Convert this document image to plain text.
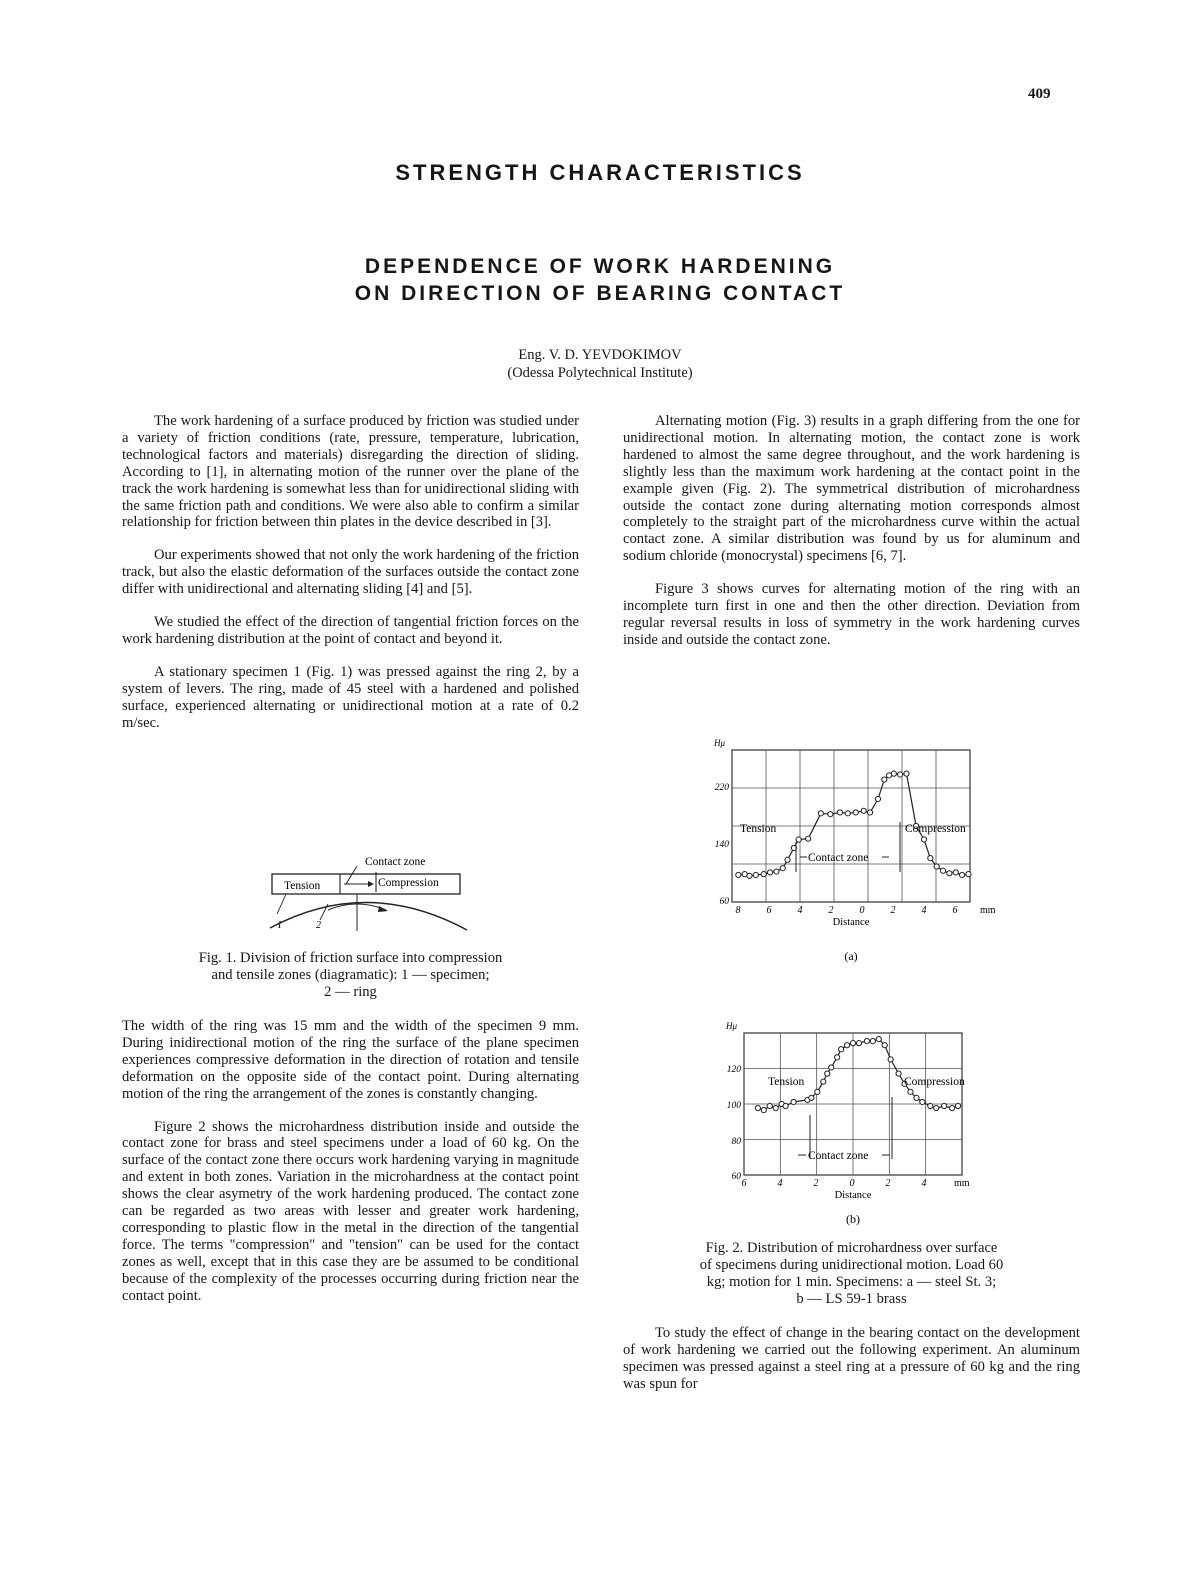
409
STRENGTH CHARACTERISTICS
DEPENDENCE OF WORK HARDENING
ON DIRECTION OF BEARING CONTACT
Eng. V. D. YEVDOKIMOV
(Odessa Polytechnical Institute)

The work hardening of a surface produced by friction was studied under a variety of friction conditions (rate, pressure, temperature, lubrication, technological factors and materials) disregarding the direction of sliding. According to [1], in alternating motion of the runner over the plane of the track the work hardening is somewhat less than for unidirectional sliding with the same friction path and conditions. We were also able to confirm a similar relationship for friction between thin plates in the device described in [3].

Our experiments showed that not only the work hardening of the friction track, but also the elastic deformation of the surfaces outside the contact zone differ with unidirectional and alternating sliding [4] and [5].

We studied the effect of the direction of tangential friction forces on the work hardening distribution at the point of contact and beyond it.

A stationary specimen 1 (Fig. 1) was pressed against the ring 2, by a system of levers. The ring, made of 45 steel with a hardened and polished surface, experienced alternating or unidirectional motion at a rate of 0.2 m/sec.

Contact zone
Tension	Compression
1	2
Fig. 1. Division of friction surface into compression
and tensile zones (diagramatic): 1 — specimen;
2 — ring

The width of the ring was 15 mm and the width of the specimen 9 mm. During inidirectional motion of the ring the surface of the plane specimen experiences compressive deformation in the direction of rotation and tensile deformation on the opposite side of the contact point. During alternating motion of the ring the arrangement of the zones is constantly changing.

Figure 2 shows the microhardness distribution inside and outside the contact zone for brass and steel specimens under a load of 60 kg. On the surface of the contact zone there occurs work hardening varying in magnitude and extent in both zones. Variation in the microhardness at the contact point shows the clear asymetry of the work hardening produced. The contact zone can be regarded as two areas with lesser and greater work hardening, corresponding to plastic flow in the metal in the direction of the tangential force. The terms "compression" and "tension" can be used for the contact zones as well, except that in this case they are be assumed to be conditional because of the complexity of the processes occurring during friction near the contact point.

Alternating motion (Fig. 3) results in a graph differing from the one for unidirectional motion. In alternating motion, the contact zone is work hardened to almost the same degree throughout, and the work hardening is slightly less than the maximum work hardening at the contact point in the example given (Fig. 2). The symmetrical distribution of microhardness outside the contact zone during alternating motion corresponds almost completely to the straight part of the microhardness curve within the actual contact zone. A similar distribution was found by us for aluminum and sodium chloride (monocrystal) specimens [6, 7].

Figure 3 shows curves for alternating motion of the ring with an incomplete turn first in one and then the other direction. Deviation from regular reversal results in loss of symmetry in the work hardening curves inside and outside the contact zone.

8	6	4	2	0	2	4	6 mm
Distance
220
140
60
Hμ
Tension	Compression
Contact zone
(a)
6	4	2	0	2	4	mm
Distance
120
100
80
60
Hμ
Tension	Compression
Contact zone
(b)
Fig. 2. Distribution of microhardness over surface
of specimens during unidirectional motion. Load 60
kg; motion for 1 min. Specimens: a — steel St. 3;
b — LS 59-1 brass

To study the effect of change in the bearing contact on the development of work hardening we carried out the following experiment. An aluminum specimen was pressed against a steel ring at a pressure of 60 kg and the ring was spun for
